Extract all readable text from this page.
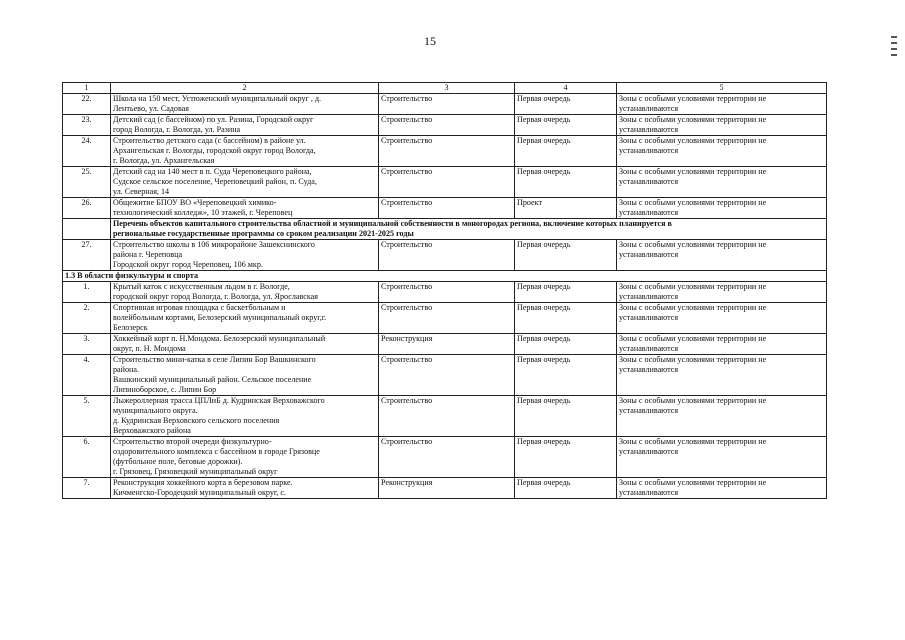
15
1	2	3	4	5
22.	Школа на 150 мест, Устюженский муниципальный округ , д.
Лентьево, ул. Садовая	Строительство	Первая очередь	Зоны с особыми условиями территории не
устанавливаются

23.	Детский сад (с бассейном) по ул. Разина, Городской округ
город Вологда, г. Вологда, ул. Разина	Строительство	Первая очередь	Зоны с особыми условиями территории не
устанавливаются

24.	Строительство детского сада (с бассейном) в районе ул.
Архангельская г. Вологды, городской округ город Вологда,
г. Вологда, ул. Архангельская	Строительство	Первая очередь	Зоны с особыми условиями территории не
устанавливаются

25.	Детский сад на 140 мест в п. Суда Череповецкого района,
Судское сельское поселение, Череповецкий район, п. Суда,
ул. Северная, 14	Строительство	Первая очередь	Зоны с особыми условиями территории не
устанавливаются

26.	Общежитие БПОУ ВО «Череповецкий химико-
технологический колледж», 10 этажей, г. Череповец	Строительство	Проект	Зоны с особыми условиями территории не
устанавливаются

	Перечень объектов капитального строительства областной и муниципальной собственности в моногородах региона, включение которых планируется в
региональные государственные программы со сроком реализации 2021-2025 годы			

27.	Строительство школы в 106 микрорайоне Зашекснинского
района г. Череповца
Городской округ город Череповец, 106 мкр.	Строительство	Первая очередь	Зоны с особыми условиями территории не
устанавливаются

1.3 В области физкультуры и спорта				
1.	Крытый каток с искусственным льдом в г. Вологде,
городской округ город Вологда, г. Вологда, ул. Ярославская	Строительство	Первая очередь	Зоны с особыми условиями территории не
устанавливаются

2.	Спортивная игровая площадка с баскетбольным и
волейбольным кортами, Белозерский муниципальный округ,г.
Белозерск	Строительство	Первая очередь	Зоны с особыми условиями территории не
устанавливаются

3.	Хоккейный корт п. Н.Мондома. Белозерский муниципальный
округ, п. Н. Мондома	Реконструкция	Первая очередь	Зоны с особыми условиями территории не
устанавливаются

4.	Строительство мини-катка в селе Липин Бор Вашкинского
района.
Вашкинский муниципальный район. Сельское поселение
Липиноборское, с. Липин Бор	Строительство	Первая очередь	Зоны с особыми условиями территории не
устанавливаются

5.	Лыжероллерная трасса ЦПЛиБ д. Кудринская Верховажского
муниципального округа.
д. Кудринская Верховского сельского поселения
Верховажского района	Строительство	Первая очередь	Зоны с особыми условиями территории не
устанавливаются

6.	Строительство второй очереди физкультурно-
оздоровительного комплекса с бассейном в городе Грязовце
(футбольное поле, беговые дорожки).
г. Грязовец, Грязовецкий муниципальный округ	Строительство	Первая очередь	Зоны с особыми условиями территории не
устанавливаются

7.	Реконструкция хоккейного корта в березовом парке.
Кичменгско-Городецкий муниципальный округ, с.	Реконструкция	Первая очередь	Зоны с особыми условиями территории не
устанавливаются
